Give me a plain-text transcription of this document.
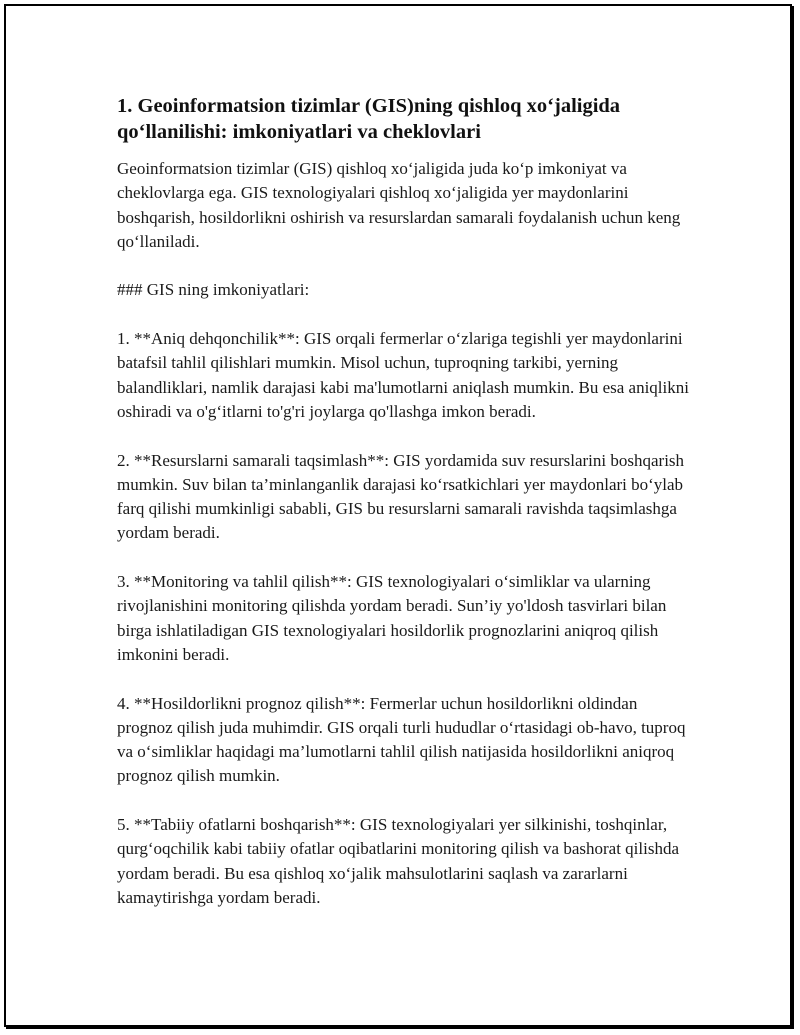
1. Geoinformatsion tizimlar (GIS)ning qishloq xo‘jaligida qo‘llanilishi: imkoniyatlari va cheklovlari

Geoinformatsion tizimlar (GIS) qishloq xo‘jaligida juda ko‘p imkoniyat va cheklovlarga ega. GIS texnologiyalari qishloq xo‘jaligida yer maydonlarini boshqarish, hosildorlikni oshirish va resurslardan samarali foydalanish uchun keng qo‘llaniladi.

### GIS ning imkoniyatlari:

1. **Aniq dehqonchilik**: GIS orqali fermerlar o‘zlariga tegishli yer maydonlarini batafsil tahlil qilishlari mumkin. Misol uchun, tuproqning tarkibi, yerning balandliklari, namlik darajasi kabi ma'lumotlarni aniqlash mumkin. Bu esa aniqlikni oshiradi va o'g‘itlarni to'g'ri joylarga qo'llashga imkon beradi.

2. **Resurslarni samarali taqsimlash**: GIS yordamida suv resurslarini boshqarish mumkin. Suv bilan ta’minlanganlik darajasi ko‘rsatkichlari yer maydonlari bo‘ylab farq qilishi mumkinligi sababli, GIS bu resurslarni samarali ravishda taqsimlashga yordam beradi.

3. **Monitoring va tahlil qilish**: GIS texnologiyalari o‘simliklar va ularning rivojlanishini monitoring qilishda yordam beradi. Sun’iy yo'ldosh tasvirlari bilan birga ishlatiladigan GIS texnologiyalari hosildorlik prognozlarini aniqroq qilish imkonini beradi.

4. **Hosildorlikni prognoz qilish**: Fermerlar uchun hosildorlikni oldindan prognoz qilish juda muhimdir. GIS orqali turli hududlar o‘rtasidagi ob-havo, tuproq va o‘simliklar haqidagi ma’lumotlarni tahlil qilish natijasida hosildorlikni aniqroq prognoz qilish mumkin.

5. **Tabiiy ofatlarni boshqarish**: GIS texnologiyalari yer silkinishi, toshqinlar, qurg‘oqchilik kabi tabiiy ofatlar oqibatlarini monitoring qilish va bashorat qilishda yordam beradi. Bu esa qishloq xo‘jalik mahsulotlarini saqlash va zararlarni kamaytirishga yordam beradi.
